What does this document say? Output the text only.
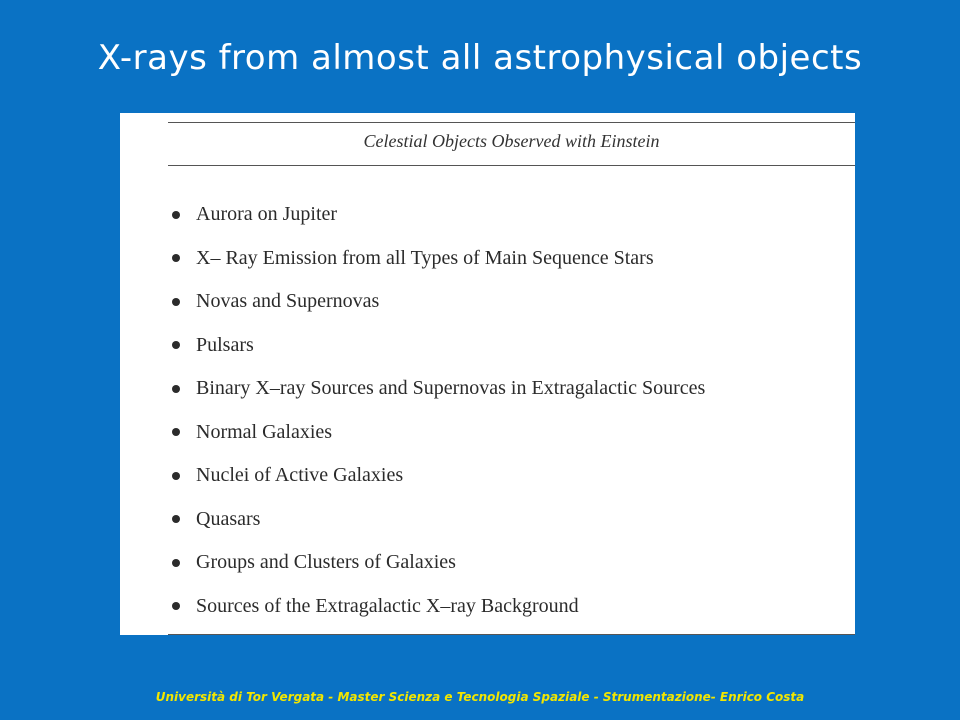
X-rays from almost all astrophysical objects
Celestial Objects Observed with Einstein
Aurora on Jupiter
X– Ray Emission from all Types of Main Sequence Stars
Novas and Supernovas
Pulsars
Binary X–ray Sources and Supernovas in Extragalactic Sources
Normal Galaxies
Nuclei of Active Galaxies
Quasars
Groups and Clusters of Galaxies
Sources of the Extragalactic X–ray Background
Università di Tor Vergata - Master Scienza e Tecnologia Spaziale - Strumentazione- Enrico Costa
